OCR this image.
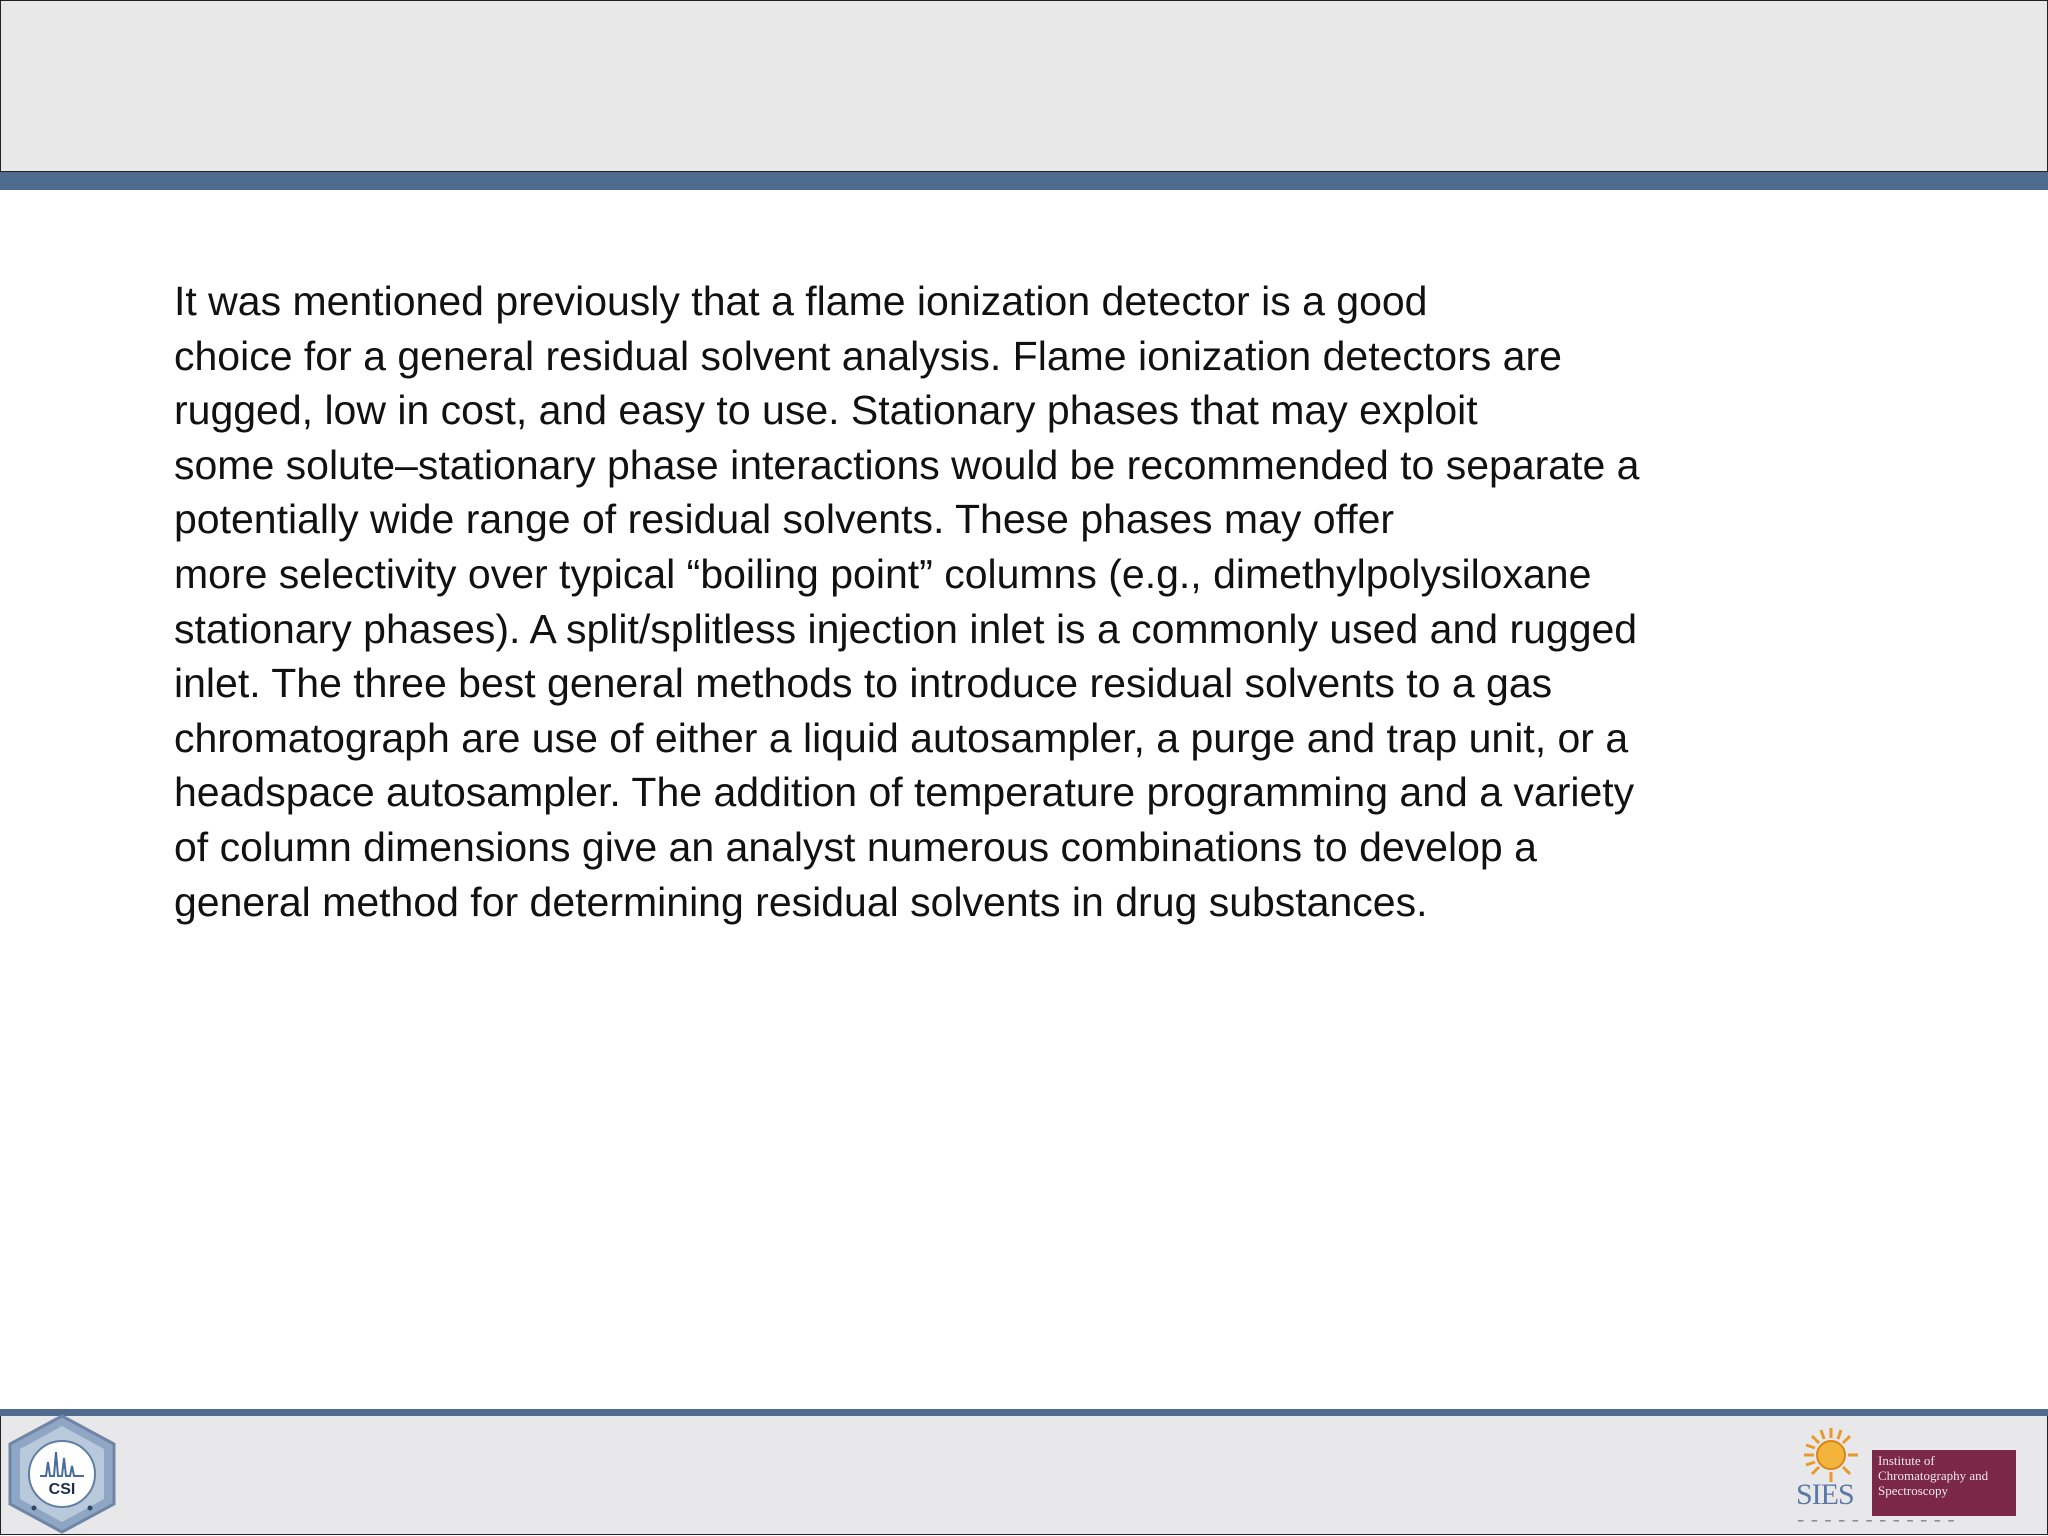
It was mentioned previously that a flame ionization detector is a good
choice for a general residual solvent analysis. Flame ionization detectors are
rugged, low in cost, and easy to use. Stationary phases that may exploit
some solute–stationary phase interactions would be recommended to separate a
potentially wide range of residual solvents. These phases may offer
more selectivity over typical “boiling point” columns (e.g., dimethylpolysiloxane
stationary phases). A split/splitless injection inlet is a commonly used and rugged
inlet. The three best general methods to introduce residual solvents to a gas
chromatograph are use of either a liquid autosampler, a purge and trap unit, or a
headspace autosampler. The addition of temperature programming and a variety
of column dimensions give an analyst numerous combinations to develop a
general method for determining residual solvents in drug substances.
CSI	SIES
Institute of Chromatography and Spectroscopy
━ ━ ━ ━ ━ ━ ━ ━ ━ ━ ━ ━
